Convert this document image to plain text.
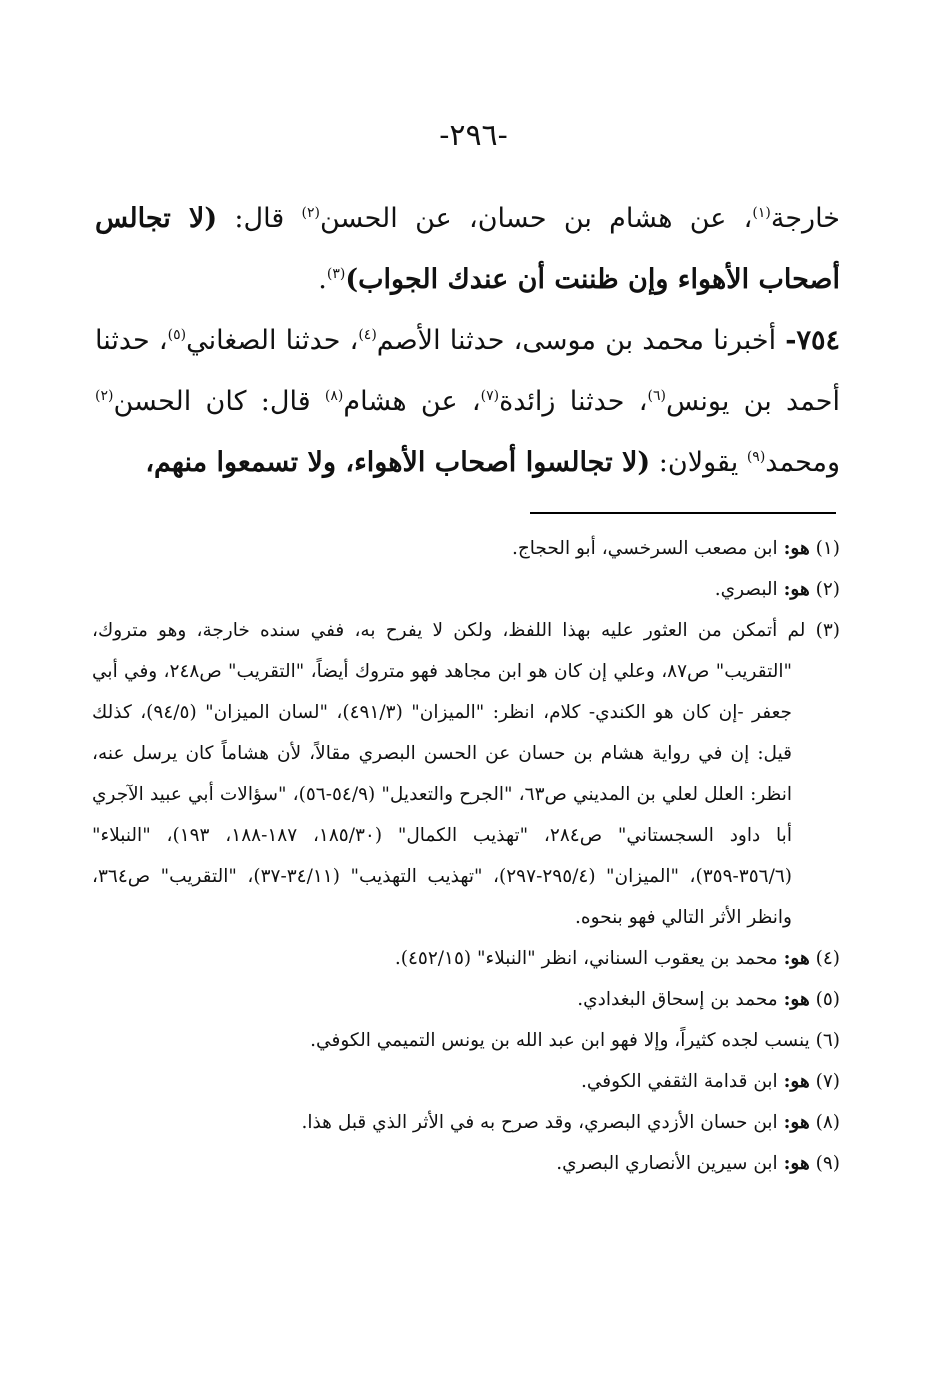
-٢٩٦-

خارجة$^{(١)}$، عن هشام بن حسان، عن الحسن$^{(٢)}$ قال: (لا تجالس أصحاب الأهواء وإن ظننت أن عندك الجواب)$^{(٣)}$.

٧٥٤- أخبرنا محمد بن موسى، حدثنا الأصم$^{(٤)}$، حدثنا الصغاني$^{(٥)}$، حدثنا أحمد بن يونس$^{(٦)}$، حدثنا زائدة$^{(٧)}$، عن هشام$^{(٨)}$ قال: كان الحسن$^{(٢)}$ ومحمد$^{(٩)}$ يقولان: (لا تجالسوا أصحاب الأهواء، ولا تسمعوا منهم،

(١) هو: ابن مصعب السرخسي، أبو الحجاج.

(٢) هو: البصري.

(٣) لم أتمكن من العثور عليه بهذا اللفظ، ولكن لا يفرح به، ففي سنده خارجة، وهو متروك، "التقريب" ص٨٧، وعلي إن كان هو ابن مجاهد فهو متروك أيضاً، "التقريب" ص٢٤٨، وفي أبي جعفر -إن كان هو الكندي- كلام، انظر: "الميزان" (٤٩١/٣)، "لسان الميزان" (٩٤/٥)، كذلك قيل: إن في رواية هشام بن حسان عن الحسن البصري مقالاً، لأن هشاماً كان يرسل عنه، انظر: العلل لعلي بن المديني ص٦٣، "الجرح والتعديل" (٥٤/٩-٥٦)، "سؤالات أبي عبيد الآجري أبا داود السجستاني" ص٢٨٤، "تهذيب الكمال" (١٨٥/٣٠، ١٨٧-١٨٨، ١٩٣)، "النبلاء" (٣٥٦/٦-٣٥٩)، "الميزان" (٢٩٥/٤-٢٩٧)، "تهذيب التهذيب" (٣٤/١١-٣٧)، "التقريب" ص٣٦٤، وانظر الأثر التالي فهو بنحوه.

(٤) هو: محمد بن يعقوب السناني، انظر "النبلاء" (٤٥٢/١٥).

(٥) هو: محمد بن إسحاق البغدادي.

(٦) ينسب لجده كثيراً، وإلا فهو ابن عبد الله بن يونس التميمي الكوفي.

(٧) هو: ابن قدامة الثقفي الكوفي.

(٨) هو: ابن حسان الأزدي البصري، وقد صرح به في الأثر الذي قبل هذا.

(٩) هو: ابن سيرين الأنصاري البصري.
